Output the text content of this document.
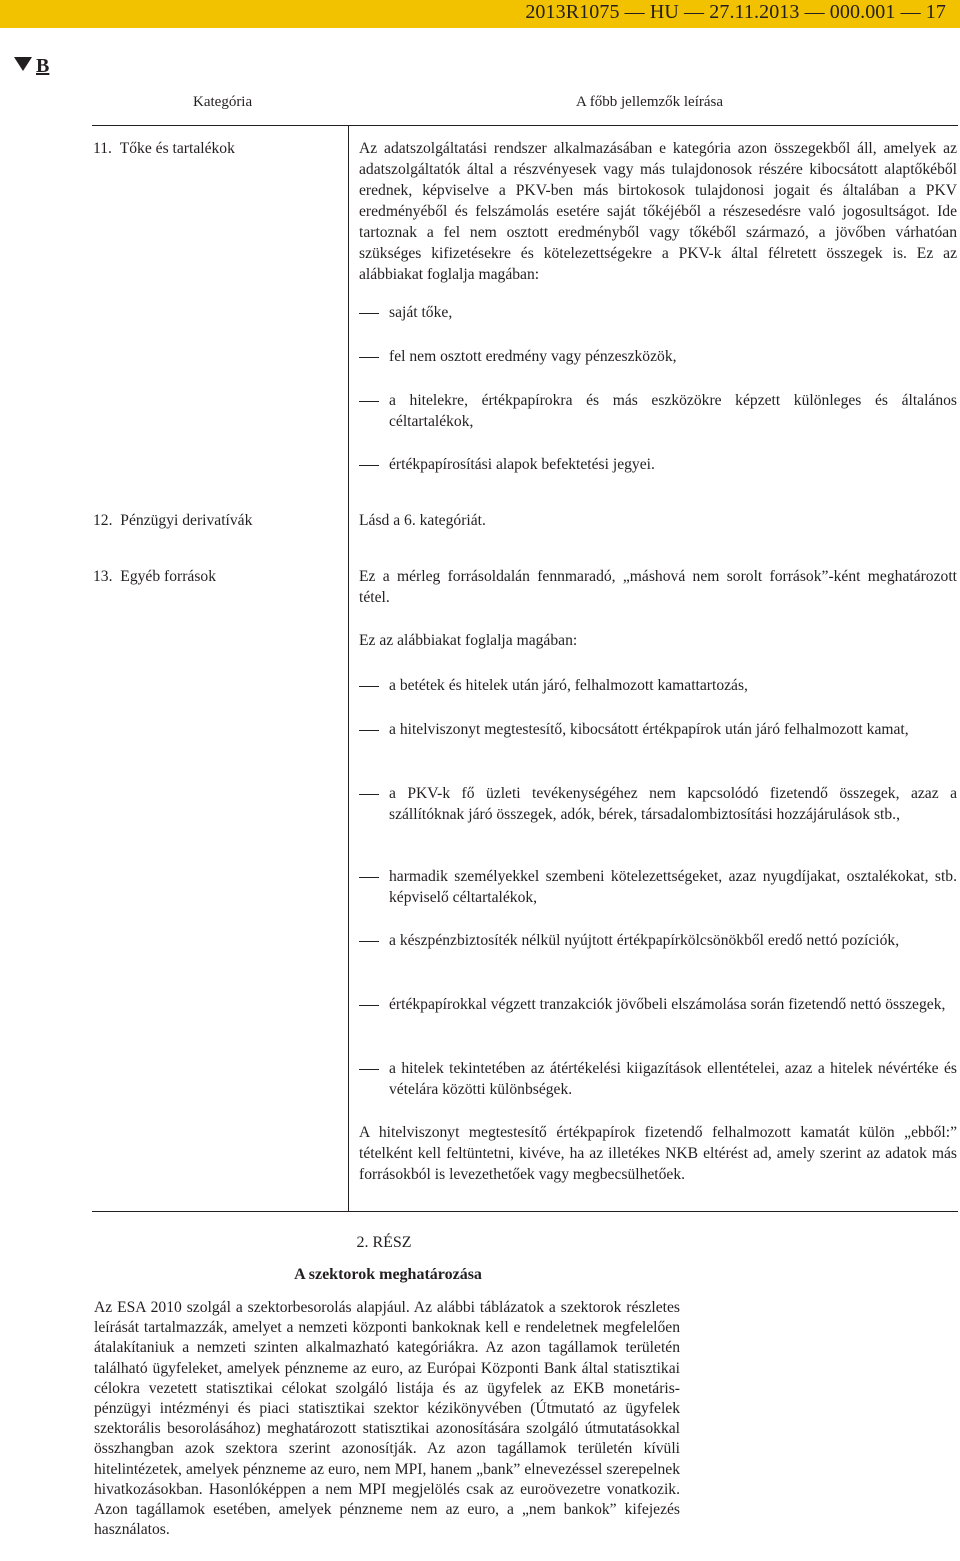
2013R1075 — HU — 27.11.2013 — 000.001 — 17
B
Kategória	A főbb jellemzők leírása
11. Tőke és tartalékok	Az adatszolgáltatási rendszer alkalmazásában e kategória azon összegekből áll, amelyek az adatszolgáltatók által a részvényesek vagy más tulajdonosok részére kibocsátott alaptőkéből erednek, képviselve a PKV-ben más birtokosok tulajdonosi jogait és általában a PKV eredményéből és felszámolás esetére saját tőkéjéből a részesedésre való jogosultságot. Ide tartoznak a fel nem osztott eredményből vagy tőkéből származó, a jövőben várhatóan szükséges kifizetésekre és kötelezettségekre a PKV-k által félretett összegek is. Ez az alábbiakat foglalja magában:
saját tőke,
fel nem osztott eredmény vagy pénzeszközök,
a hitelekre, értékpapírokra és más eszközökre képzett különleges és általános céltartalékok,
értékpapírosítási alapok befektetési jegyei.
12. Pénzügyi derivatívák	Lásd a 6. kategóriát.
13. Egyéb források	Ez a mérleg forrásoldalán fennmaradó, „máshová nem sorolt források”-ként meghatározott tétel.
Ez az alábbiakat foglalja magában:
a betétek és hitelek után járó, felhalmozott kamattartozás,
a hitelviszonyt megtestesítő, kibocsátott értékpapírok után járó felhalmozott kamat,
a PKV-k fő üzleti tevékenységéhez nem kapcsolódó fizetendő összegek, azaz a szállítóknak járó összegek, adók, bérek, társadalombiztosítási hozzájárulások stb.,
harmadik személyekkel szembeni kötelezettségeket, azaz nyugdíjakat, osztalékokat, stb. képviselő céltartalékok,
a készpénzbiztosíték nélkül nyújtott értékpapírkölcsönökből eredő nettó pozíciók,
értékpapírokkal végzett tranzakciók jövőbeli elszámolása során fizetendő nettó összegek,
a hitelek tekintetében az átértékelési kiigazítások ellentételei, azaz a hitelek névértéke és vételára közötti különbségek.
A hitelviszonyt megtestesítő értékpapírok fizetendő felhalmozott kamatát külön „ebből:” tételként kell feltüntetni, kivéve, ha az illetékes NKB eltérést ad, amely szerint az adatok más forrásokból is levezethetőek vagy megbecsülhetőek.
2. RÉSZ
A szektorok meghatározása
Az ESA 2010 szolgál a szektorbesorolás alapjául. Az alábbi táblázatok a szektorok részletes leírását tartalmazzák, amelyet a nemzeti központi bankoknak kell e rendeletnek megfelelően átalakítaniuk a nemzeti szinten alkalmazható kategóriákra. Az azon tagállamok területén található ügyfeleket, amelyek pénzneme az euro, az Európai Központi Bank által statisztikai célokra vezetett statisztikai célokat szolgáló listája és az ügyfelek az EKB monetáris-pénzügyi intézményi és piaci statisztikai szektor kézikönyvében (Útmutató az ügyfelek szektorális besorolásához) meghatározott statisztikai azonosítására szolgáló útmutatásokkal összhangban azok szektora szerint azonosítják. Az azon tagállamok területén kívüli hitelintézetek, amelyek pénzneme az euro, nem MPI, hanem „bank” elnevezéssel szerepelnek hivatkozásokban. Hasonlóképpen a nem MPI megjelölés csak az euroövezetre vonatkozik. Azon tagállamok esetében, amelyek pénzneme nem az euro, a „nem bankok” kifejezés használatos.
